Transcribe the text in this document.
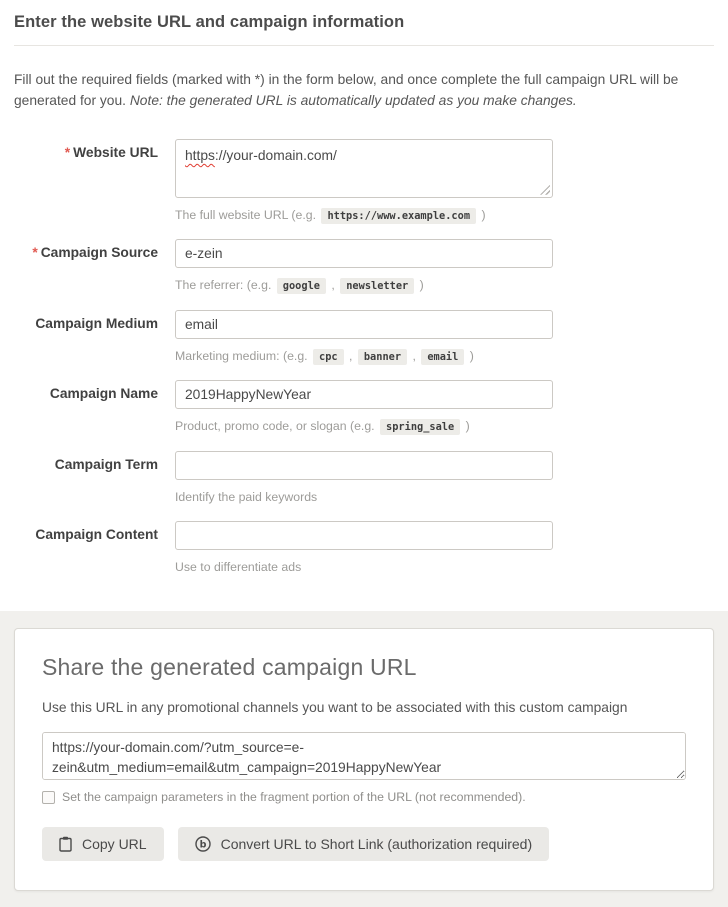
Enter the website URL and campaign information

Fill out the required fields (marked with *) in the form below, and once complete the full campaign URL will be generated for you. Note: the generated URL is automatically updated as you make changes.

* Website URL	https://your-domain.com/
The full website URL (e.g. https://www.example.com )
* Campaign Source
e-zein
The referrer: (e.g. google , newsletter )
Campaign Medium
email
Marketing medium: (e.g. cpc , banner , email )
Campaign Name
2019HappyNewYear
Product, promo code, or slogan (e.g. spring_sale )
Campaign Term
Identify the paid keywords
Campaign Content
Use to differentiate ads
Share the generated campaign URL

Use this URL in any promotional channels you want to be associated with this custom campaign

https://your-domain.com/?utm_source=e-zein&utm_medium=email&utm_campaign=2019HappyNewYear
Set the campaign parameters in the fragment portion of the URL (not recommended).
Copy URL	b Convert URL to Short Link (authorization required)
